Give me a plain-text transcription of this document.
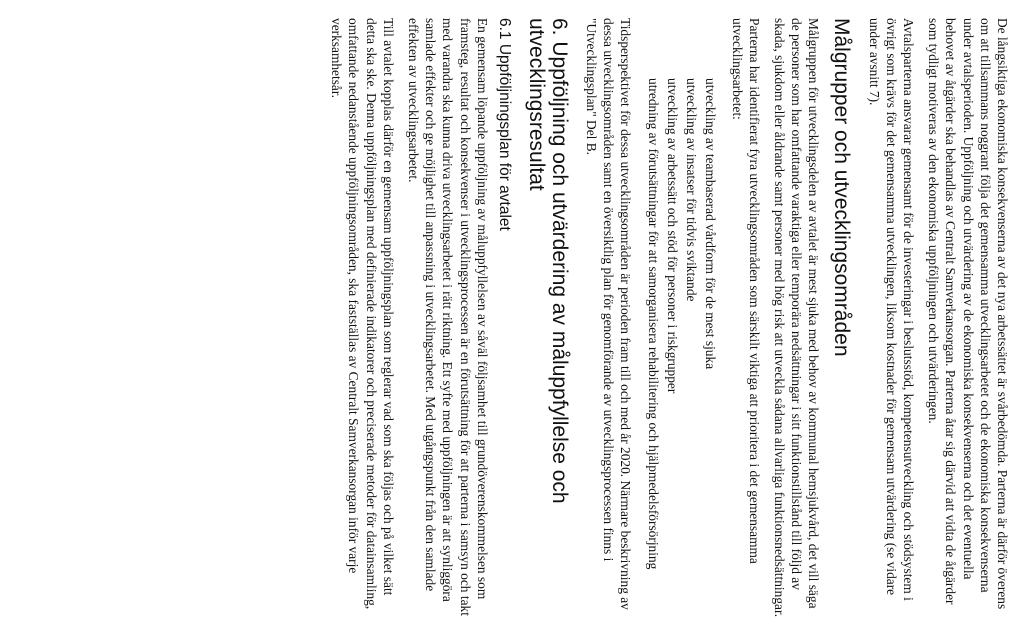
De långsiktiga ekonomiska konsekvenserna av det nya arbetssättet är svårbedömda. Parterna är därför överens om att tillsammans noggrant följa det gemensamma utvecklingsarbetet och de ekonomiska konsekvenserna under avtalsperioden. Uppföljning och utvärdering av de ekonomiska konsekvenserna och det eventuella behovet av åtgärder ska behandlas av Centralt Samverkansorgan. Parterna åtar sig därvid att vidta de åtgärder som tydligt motiveras av den ekonomiska uppföljningen och utvärderingen.

Avtalsparterna ansvarar gemensamt för de investeringar i beslutsstöd, kompetensutveckling och stödsystem i övrigt som krävs för det gemensamma utvecklingen, liksom kostnader för gemensam utvärdering (se vidare under avsnitt 7).

Målgrupper och utvecklingsområden

Målgruppen för utvecklingsdelen av avtalet är mest sjuka med behov av kommunal hemsjukvård, det vill säga de personer som har omfattande varaktiga eller temporära nedsättningar i sitt funktionstillstånd till följd av skada, sjukdom eller åldrande samt personer med hög risk att utveckla sådana allvarliga funktionsnedsättningar.

Parterna har identifierat fyra utvecklingsområden som särskilt viktiga att prioritera i det gemensamma utvecklingsarbetet:

utveckling av teambaserad vårdform för de mest sjuka
utveckling av insatser för tidvis sviktande
utveckling av arbetssätt och stöd för personer i riskgrupper
utredning av förutsättningar för att samorganisera rehabilitering och hjälpmedelsförsörjning

Tidsperspektivet för dessa utvecklingsområden är perioden fram till och med år 2020. Närmare beskrivning av dessa utvecklingsområden samt en översiktlig plan för genomförande av utvecklingsprocessen finns i "Utvecklingsplan" Del B.

6. Uppföljning och utvärdering av måluppfyllelse och utvecklingsresultat
6.1 Uppföljningsplan för avtalet

En gemensam löpande uppföljning av måluppfyllelsen av såväl följsamhet till grundöverenskommelsen som framsteg, resultat och konsekvenser i utvecklingsprocessen är en förutsättning för att parterna i samsyn och takt med varandra ska kunna driva utvecklingsarbetet i rätt riktning. Ett syfte med uppföljningen är att synliggöra samlade effekter och ge möjlighet till anpassning i utvecklingsarbetet. Med utgångspunkt från den samlade effekten av utvecklingsarbetet.

Till avtalet kopplas därför en gemensam uppföljningsplan som reglerar vad som ska följas och på vilket sätt detta ska ske. Denna uppföljningsplan med definierade indikatorer och preciserade metoder för datainsamling, omfattande nedanstående uppföljningsområden, ska fastställas av Centralt Samverkansorgan inför varje verksamhetsår.
